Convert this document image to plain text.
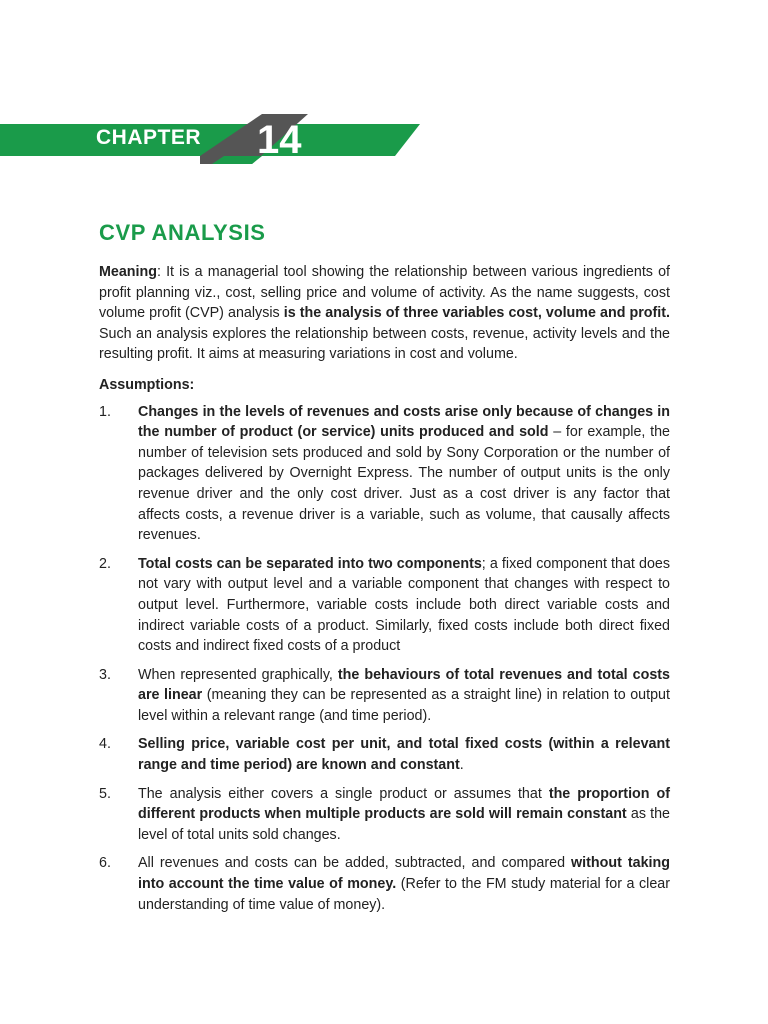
CHAPTER 14
CVP ANALYSIS

Meaning: It is a managerial tool showing the relationship between various ingredients of profit planning viz., cost, selling price and volume of activity. As the name suggests, cost volume profit (CVP) analysis is the analysis of three variables cost, volume and profit. Such an analysis explores the relationship between costs, revenue, activity levels and the resulting profit. It aims at measuring variations in cost and volume.

Assumptions:
1. Changes in the levels of revenues and costs arise only because of changes in the number of product (or service) units produced and sold – for example, the number of television sets produced and sold by Sony Corporation or the number of packages delivered by Overnight Express. The number of output units is the only revenue driver and the only cost driver. Just as a cost driver is any factor that affects costs, a revenue driver is a variable, such as volume, that causally affects revenues.
2. Total costs can be separated into two components; a fixed component that does not vary with output level and a variable component that changes with respect to output level. Furthermore, variable costs include both direct variable costs and indirect variable costs of a product. Similarly, fixed costs include both direct fixed costs and indirect fixed costs of a product
3. When represented graphically, the behaviours of total revenues and total costs are linear (meaning they can be represented as a straight line) in relation to output level within a relevant range (and time period).
4. Selling price, variable cost per unit, and total fixed costs (within a relevant range and time period) are known and constant.
5. The analysis either covers a single product or assumes that the proportion of different products when multiple products are sold will remain constant as the level of total units sold changes.
6. All revenues and costs can be added, subtracted, and compared without taking into account the time value of money. (Refer to the FM study material for a clear understanding of time value of money).
